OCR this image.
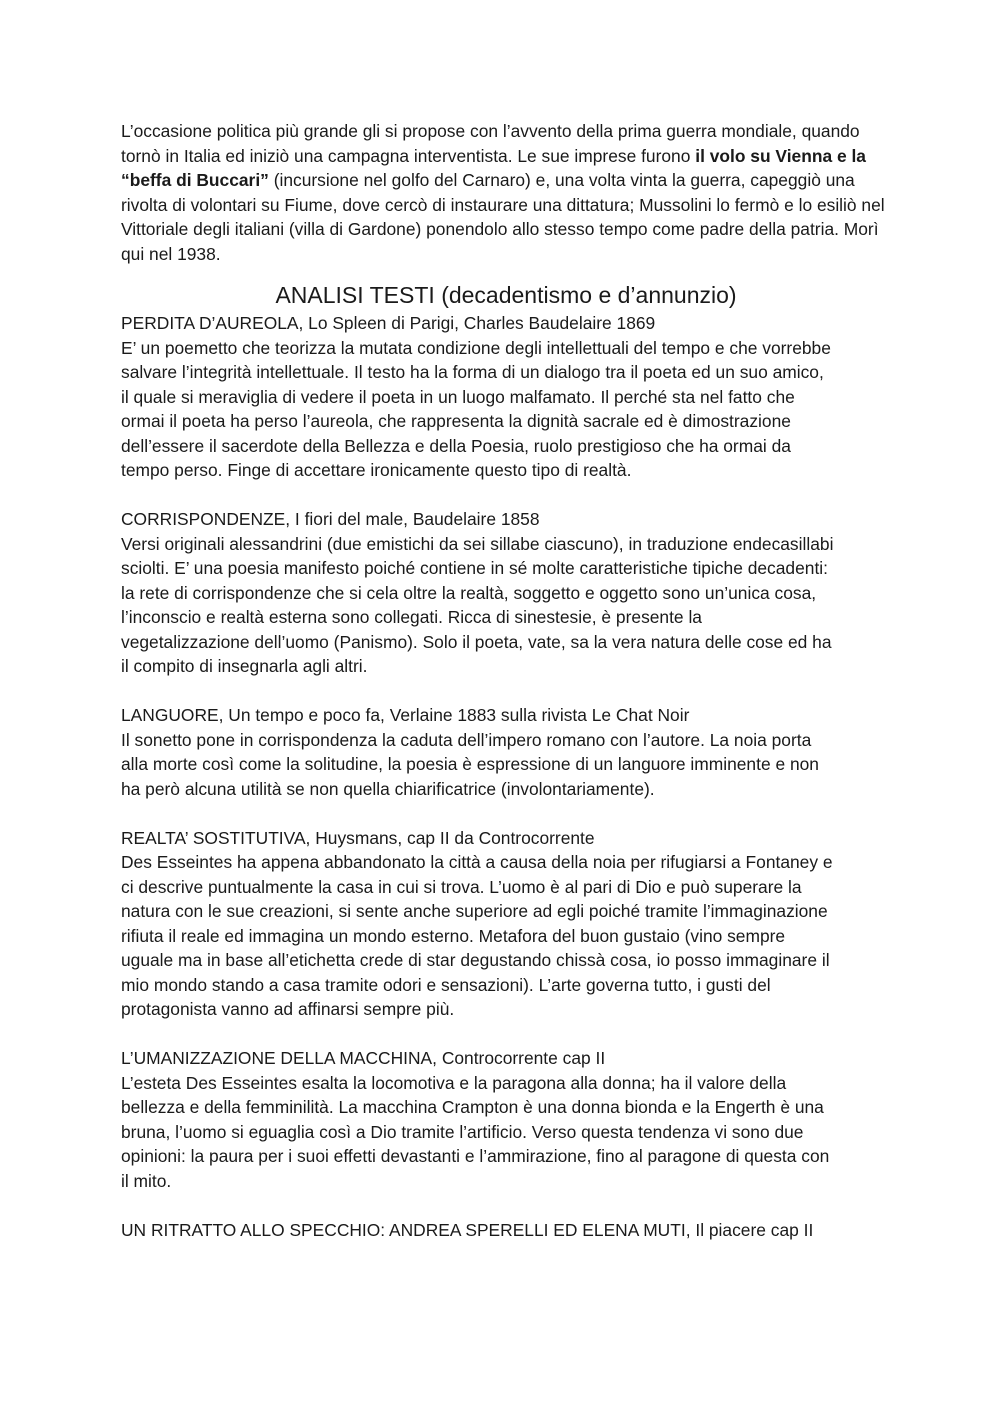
L’occasione politica più grande gli si propose con l’avvento della prima guerra mondiale, quando tornò in Italia ed iniziò una campagna interventista. Le sue imprese furono il volo su Vienna e la “beffa di Buccari” (incursione nel golfo del Carnaro) e, una volta vinta la guerra, capeggiò una rivolta di volontari su Fiume, dove cercò di instaurare una dittatura; Mussolini lo fermò e lo esiliò nel Vittoriale degli italiani (villa di Gardone) ponendolo allo stesso tempo come padre della patria. Morì qui nel 1938.

ANALISI TESTI (decadentismo e d’annunzio)

PERDITA D’AUREOLA, Lo Spleen di Parigi, Charles Baudelaire 1869

E’ un poemetto che teorizza la mutata condizione degli intellettuali del tempo e che vorrebbe
salvare l’integrità intellettuale. Il testo ha la forma di un dialogo tra il poeta ed un suo amico,
il quale si meraviglia di vedere il poeta in un luogo malfamato. Il perché sta nel fatto che
ormai il poeta ha perso l’aureola, che rappresenta la dignità sacrale ed è dimostrazione
dell’essere il sacerdote della Bellezza e della Poesia, ruolo prestigioso che ha ormai da
tempo perso. Finge di accettare ironicamente questo tipo di realtà.

CORRISPONDENZE, I fiori del male, Baudelaire 1858

Versi originali alessandrini (due emistichi da sei sillabe ciascuno), in traduzione endecasillabi
sciolti. E’ una poesia manifesto poiché contiene in sé molte caratteristiche tipiche decadenti:
la rete di corrispondenze che si cela oltre la realtà, soggetto e oggetto sono un’unica cosa,
l’inconscio e realtà esterna sono collegati. Ricca di sinestesie, è presente la
vegetalizzazione dell’uomo (Panismo). Solo il poeta, vate, sa la vera natura delle cose ed ha
il compito di insegnarla agli altri.

LANGUORE, Un tempo e poco fa, Verlaine 1883 sulla rivista Le Chat Noir

Il sonetto pone in corrispondenza la caduta dell’impero romano con l’autore. La noia porta
alla morte così come la solitudine, la poesia è espressione di un languore imminente e non
ha però alcuna utilità se non quella chiarificatrice (involontariamente).

REALTA’ SOSTITUTIVA, Huysmans, cap II da Controcorrente

Des Esseintes ha appena abbandonato la città a causa della noia per rifugiarsi a Fontaney e
ci descrive puntualmente la casa in cui si trova. L’uomo è al pari di Dio e può superare la
natura con le sue creazioni, si sente anche superiore ad egli poiché tramite l’immaginazione
rifiuta il reale ed immagina un mondo esterno. Metafora del buon gustaio (vino sempre
uguale ma in base all’etichetta crede di star degustando chissà cosa, io posso immaginare il
mio mondo stando a casa tramite odori e sensazioni). L’arte governa tutto, i gusti del
protagonista vanno ad affinarsi sempre più.

L’UMANIZZAZIONE DELLA MACCHINA, Controcorrente cap II

L’esteta Des Esseintes esalta la locomotiva e la paragona alla donna; ha il valore della
bellezza e della femminilità. La macchina Crampton è una donna bionda e la Engerth è una
bruna, l’uomo si eguaglia così a Dio tramite l’artificio. Verso questa tendenza vi sono due
opinioni: la paura per i suoi effetti devastanti e l’ammirazione, fino al paragone di questa con
il mito.

UN RITRATTO ALLO SPECCHIO: ANDREA SPERELLI ED ELENA MUTI, Il piacere cap II
